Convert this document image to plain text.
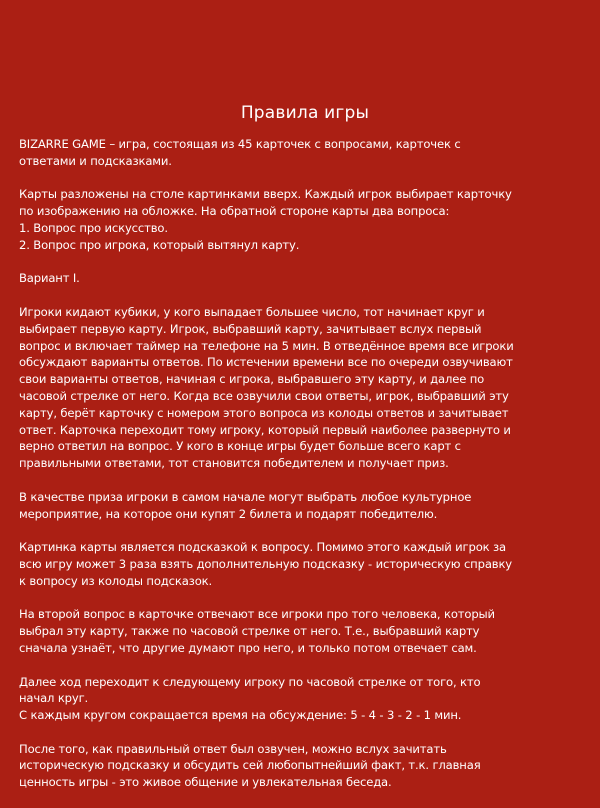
Правила игры
BIZARRE GAME – игра, состоящая из 45 карточек с вопросами, карточек с
ответами и подсказками.
Карты разложены на столе картинками вверх. Каждый игрок выбирает карточку
по изображению на обложке. На обратной стороне карты два вопроса:
1. Вопрос про искусство.
2. Вопрос про игрока, который вытянул карту.
Вариант I.
Игроки кидают кубики, у кого выпадает большее число, тот начинает круг и
выбирает первую карту. Игрок, выбравший карту, зачитывает вслух первый
вопрос и включает таймер на телефоне на 5 мин. В отведённое время все игроки
обсуждают варианты ответов. По истечении времени все по очереди озвучивают
свои варианты ответов, начиная с игрока, выбравшего эту карту, и далее по
часовой стрелке от него. Когда все озвучили свои ответы, игрок, выбравший эту
карту, берёт карточку с номером этого вопроса из колоды ответов и зачитывает
ответ. Карточка переходит тому игроку, который первый наиболее развернуто и
верно ответил на вопрос. У кого в конце игры будет больше всего карт с
правильными ответами, тот становится победителем и получает приз.
В качестве приза игроки в самом начале могут выбрать любое культурное
мероприятие, на которое они купят 2 билета и подарят победителю.
Картинка карты является подсказкой к вопросу. Помимо этого каждый игрок за
всю игру может 3 раза взять дополнительную подсказку - историческую справку
к вопросу из колоды подсказок.
На второй вопрос в карточке отвечают все игроки про того человека, который
выбрал эту карту, также по часовой стрелке от него. Т.е., выбравший карту
сначала узнаёт, что другие думают про него, и только потом отвечает сам.
Далее ход переходит к следующему игроку по часовой стрелке от того, кто
начал круг.
С каждым кругом сокращается время на обсуждение: 5 - 4 - 3 - 2 - 1 мин.
После того, как правильный ответ был озвучен, можно вслух зачитать
историческую подсказку и обсудить сей любопытнейший факт, т.к. главная
ценность игры - это живое общение и увлекательная беседа.
